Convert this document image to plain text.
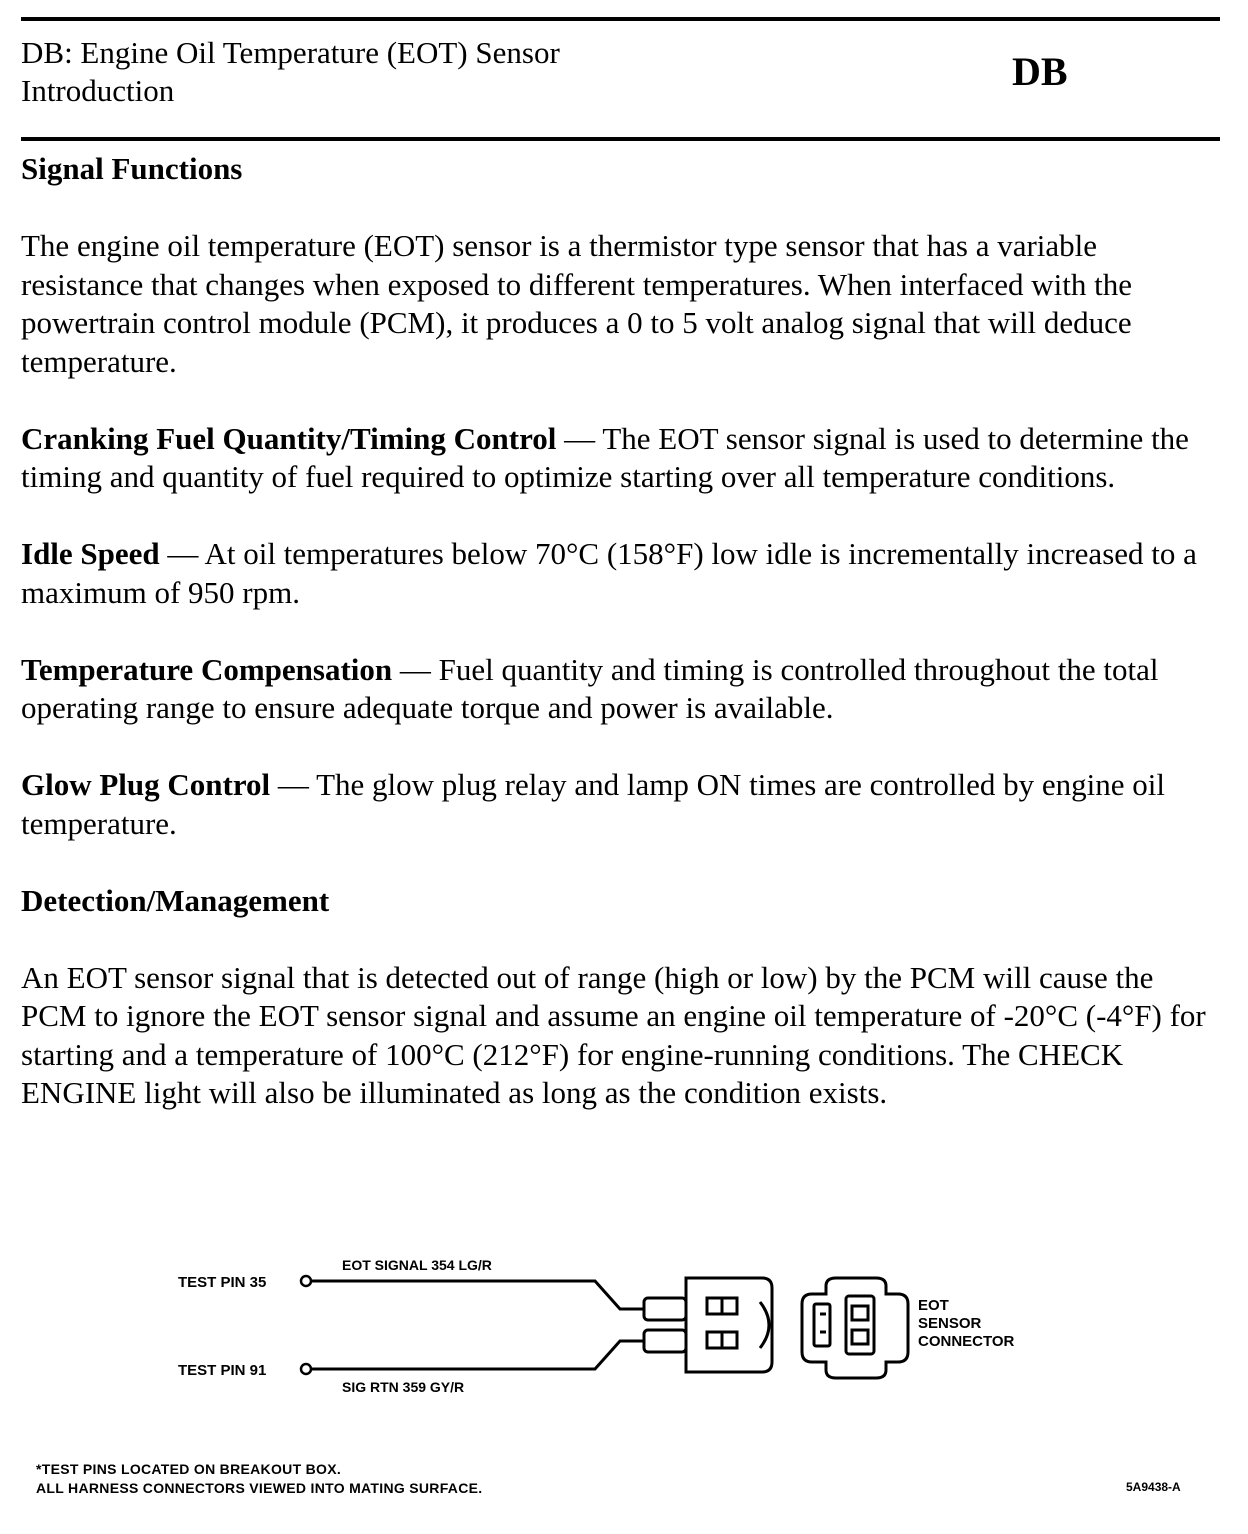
DB: Engine Oil Temperature (EOT) Sensor
Introduction	DB
Signal Functions

The engine oil temperature (EOT) sensor is a thermistor type sensor that has a variable resistance that changes when exposed to different temperatures. When interfaced with the powertrain control module (PCM), it produces a 0 to 5 volt analog signal that will deduce temperature.

Cranking Fuel Quantity/Timing Control — The EOT sensor signal is used to determine the timing and quantity of fuel required to optimize starting over all temperature conditions.

Idle Speed — At oil temperatures below 70°C (158°F) low idle is incrementally increased to a maximum of 950 rpm.

Temperature Compensation — Fuel quantity and timing is controlled throughout the total operating range to ensure adequate torque and power is available.

Glow Plug Control — The glow plug relay and lamp ON times are controlled by engine oil temperature.

Detection/Management

An EOT sensor signal that is detected out of range (high or low) by the PCM will cause the PCM to ignore the EOT sensor signal and assume an engine oil temperature of -20°C (-4°F) for starting and a temperature of 100°C (212°F) for engine-running conditions. The CHECK ENGINE light will also be illuminated as long as the condition exists.

TEST PIN 35
TEST PIN 91
EOT SIGNAL 354 LG/R
SIG RTN 359 GY/R
EOT
SENSOR
CONNECTOR
*TEST PINS LOCATED ON BREAKOUT BOX.
ALL HARNESS CONNECTORS VIEWED INTO MATING SURFACE.	5A9438-A
